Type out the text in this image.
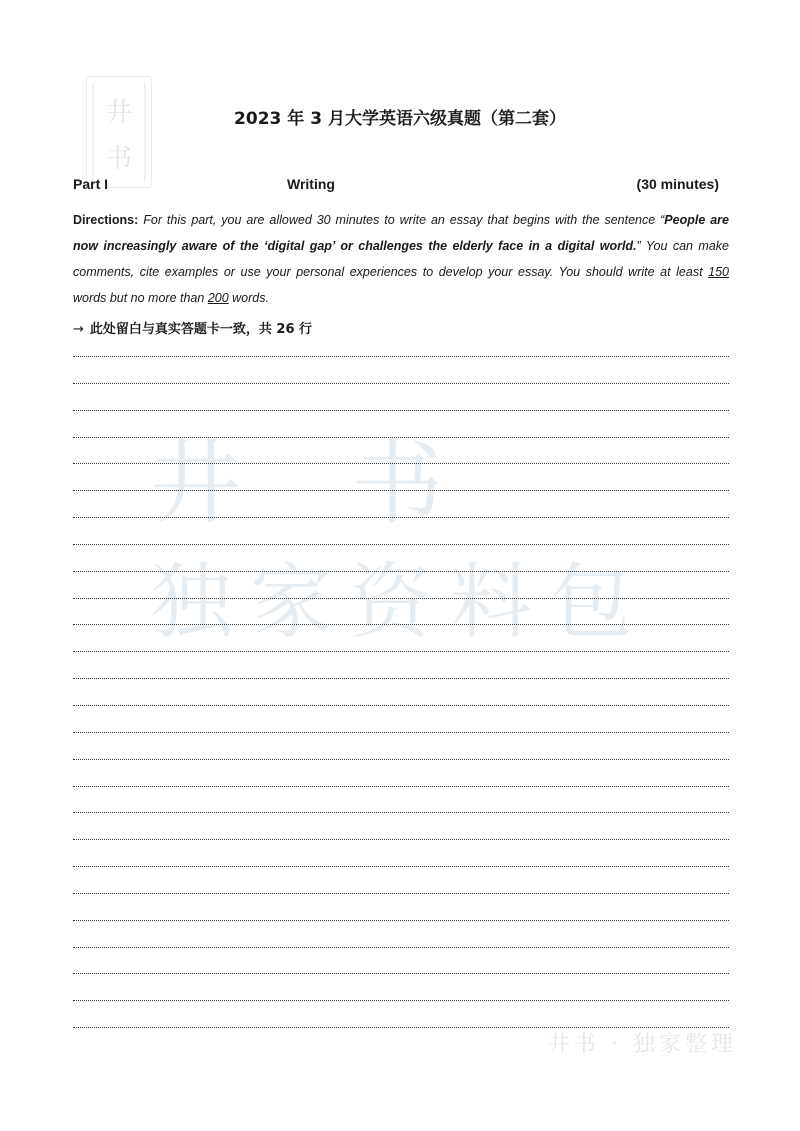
井
书
井 书
独家资料包
2023 年 3 月大学英语六级真题（第二套）
Part I	Writing	(30 minutes)
Directions: For this part, you are allowed 30 minutes to write an essay that begins with the sentence “People are now increasingly aware of the ‘digital gap’ or challenges the elderly face in a digital world.” You can make comments, cite examples or use your personal experiences to develop your essay. You should write at least 150 words but no more than 200 words.
→ 此处留白与真实答题卡一致，共 26 行
井书 · 独家整理
